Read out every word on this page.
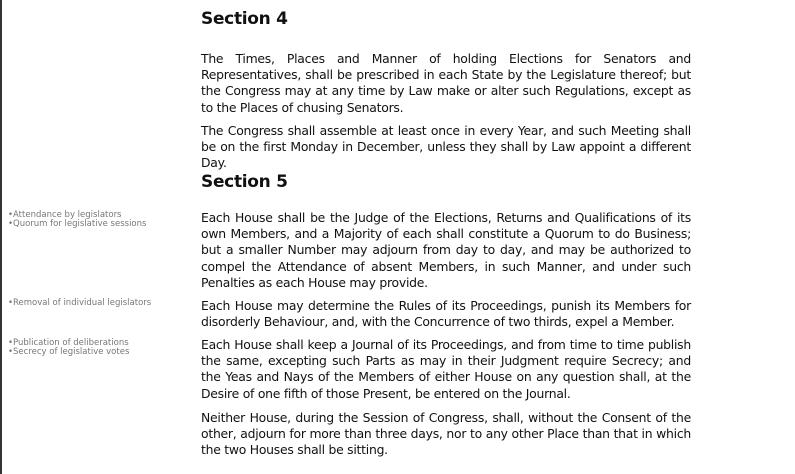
Section 4

The Times, Places and Manner of holding Elections for Senators and Representatives, shall be prescribed in each State by the Legislature thereof; but the Congress may at any time by Law make or alter such Regulations, except as to the Places of chusing Senators.

The Congress shall assemble at least once in every Year, and such Meeting shall be on the first Monday in December, unless they shall by Law appoint a different Day.

Section 5

Each House shall be the Judge of the Elections, Returns and Qualifications of its own Members, and a Majority of each shall constitute a Quorum to do Business; but a smaller Number may adjourn from day to day, and may be authorized to compel the Attendance of absent Members, in such Manner, and under such Penalties as each House may provide.

Each House may determine the Rules of its Proceedings, punish its Members for disorderly Behaviour, and, with the Concurrence of two thirds, expel a Member.

Each House shall keep a Journal of its Proceedings, and from time to time publish the same, excepting such Parts as may in their Judgment require Secrecy; and the Yeas and Nays of the Members of either House on any question shall, at the Desire of one fifth of those Present, be entered on the Journal.

Neither House, during the Session of Congress, shall, without the Consent of the other, adjourn for more than three days, nor to any other Place than that in which the two Houses shall be sitting.

• Attendance by legislators
• Quorum for legislative sessions
• Removal of individual legislators
• Publication of deliberations
• Secrecy of legislative votes
